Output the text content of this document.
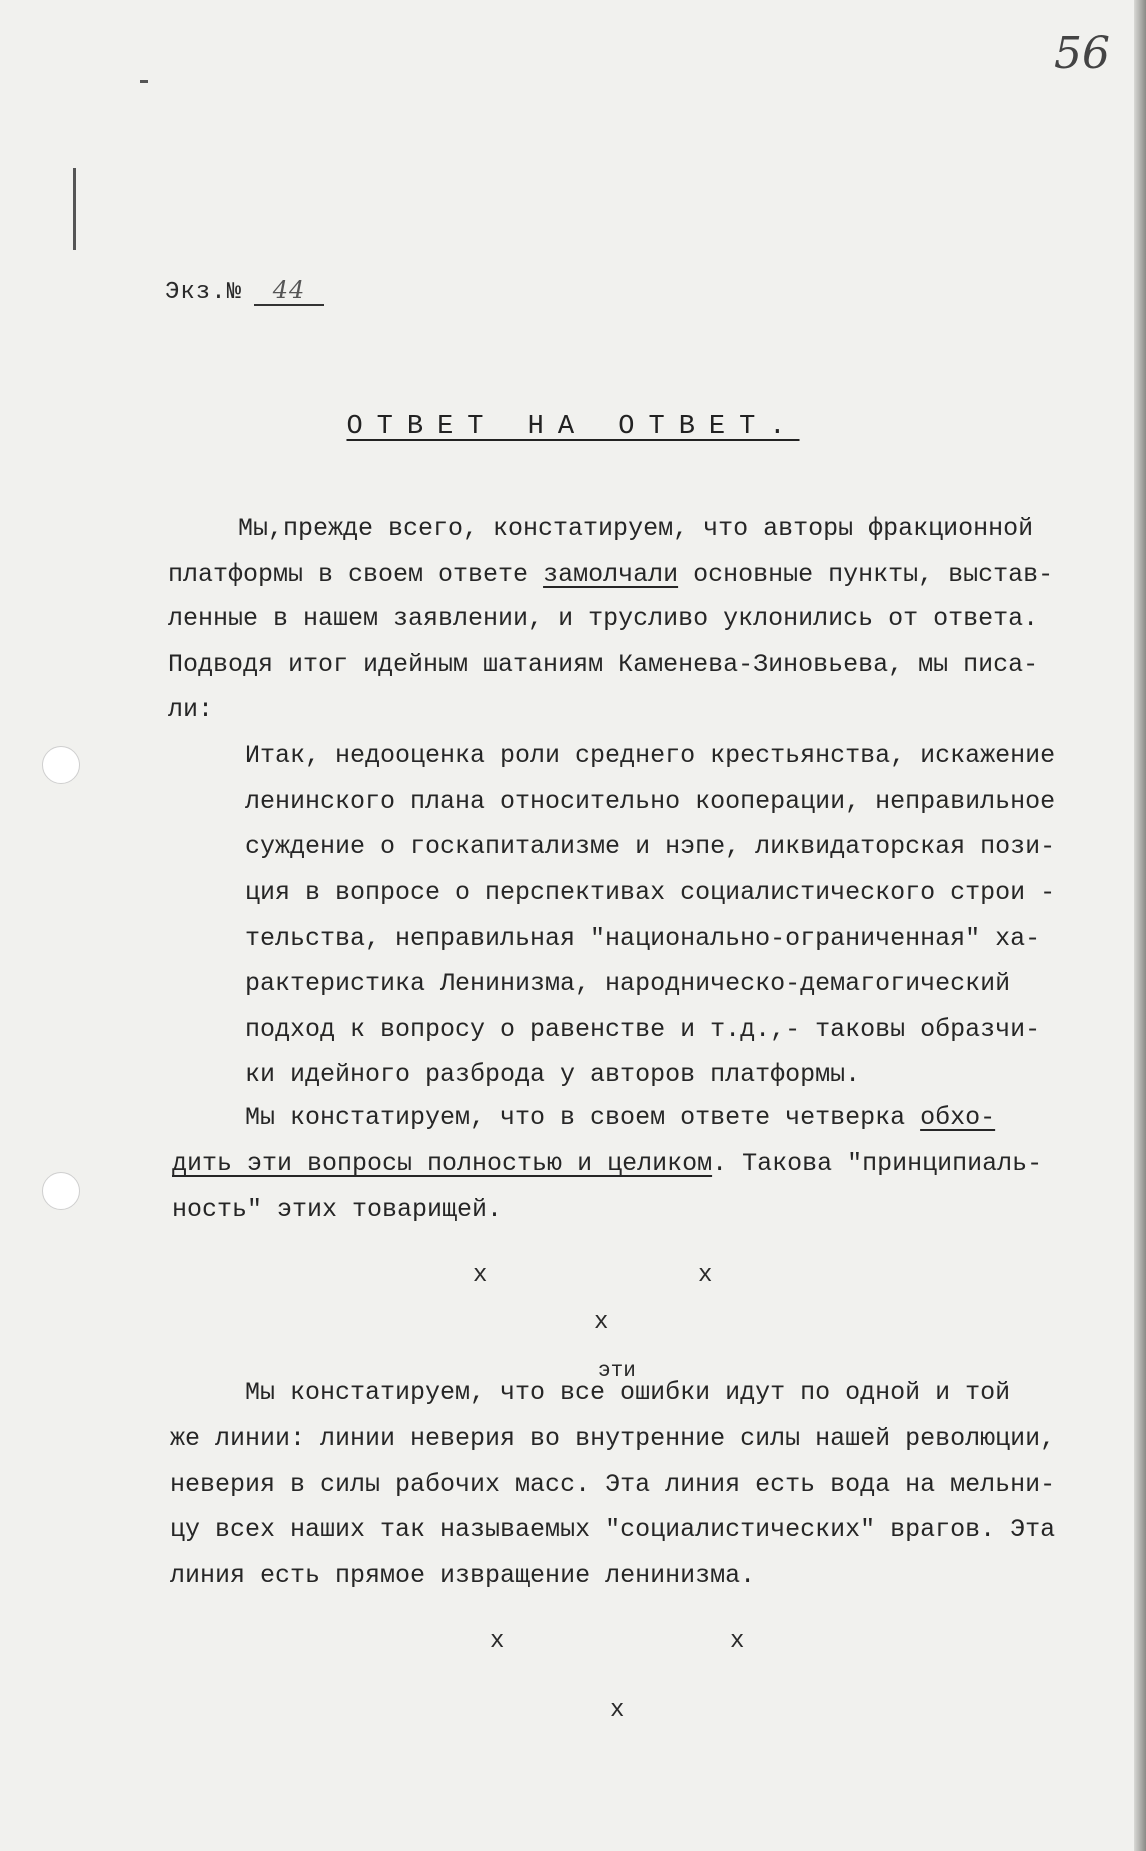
56
Экз.№ 44
ОТВЕТ НА ОТВЕТ.
Мы,прежде всего, констатируем, что авторы фракционной
платформы в своем ответе замолчали основные пункты, выстав-
ленные в нашем заявлении, и трусливо уклонились от ответа.
Подводя итог идейным шатаниям Каменева-Зиновьева, мы писа-
ли:
Итак, недооценка роли среднего крестьянства, искажение
ленинского плана относительно кооперации, неправильное
суждение о госкапитализме и нэпе, ликвидаторская пози-
ция в вопросе о перспективах социалистического строи -
тельства, неправильная "национально-ограниченная" ха-
рактеристика Ленинизма, народническо-демагогический
подход к вопросу о равенстве и т.д.,- таковы образчи-
ки идейного разброда у авторов платформы.
Мы констатируем, что в своем ответе четверка обхо-
дить эти вопросы полностью и целиком. Такова "принципиаль-
ность" этих товарищей.
x	x
x
эти
Мы констатируем, что все ошибки идут по одной и той
же линии: линии неверия во внутренние силы нашей революции,
неверия в силы рабочих масс. Эта линия есть вода на мельни-
цу всех наших так называемых "социалистических" врагов. Эта
линия есть прямое извращение ленинизма.
x	x
x
